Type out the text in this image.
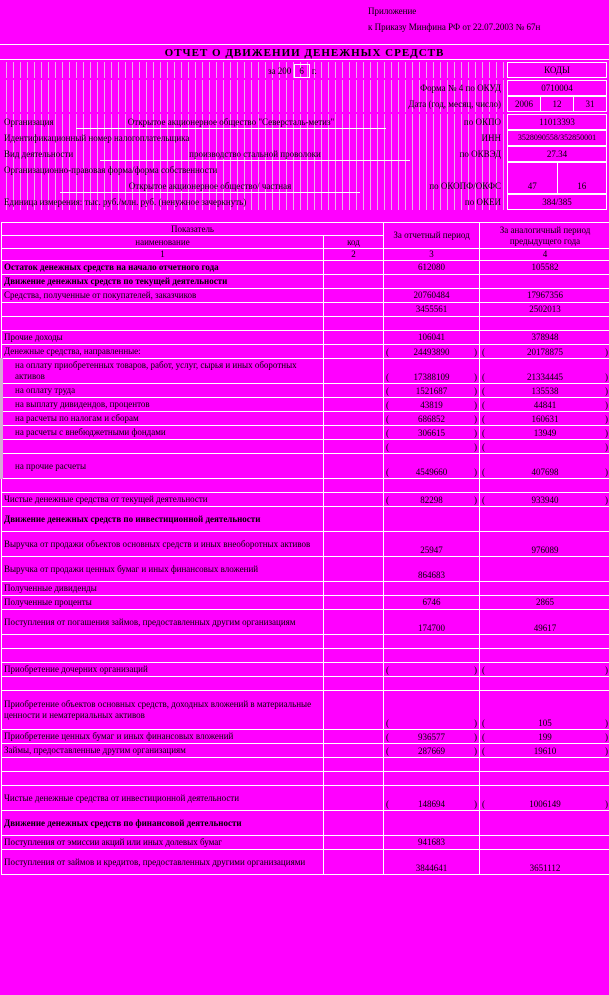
Приложение
к Приказу Минфина РФ от 22.07.2003 № 67н
ОТЧЕТ О ДВИЖЕНИИ ДЕНЕЖНЫХ СРЕДСТВ
за 200 6 г.	КОДЫ
Форма № 4 по ОКУД	0710004
Дата (год, месяц, число)	2006	12	31
Организация	Открытое акционерное общество "Северсталь-метиз"	по ОКПО	11013393
Идентификационный номер налогоплательщика	ИНН	3528090558/352850001
Вид деятельности	производство стальной проволоки	по ОКВЭД	27.34
Организационно-правовая форма/форма собственности
Открытое акционерное общество/ частная	по ОКОПФ/ОКФС	47	16
Единица измерения: тыс. руб./млн. руб. (ненужное зачеркнуть)	по ОКЕИ	384/385
Показатель		За отчетный период	За аналогичный период предыдущего года
наименование	код		
1	2	3	4
Остаток денежных средств на начало отчетного года		612080	105582
Движение денежных средств по текущей деятельности			
Средства, полученные от покупателей, заказчиков		20760484	17967356
		3455561	2502013

Прочие доходы		106041	378948
Денежные средства, направленные:		( 24493890 )	( 20178875 )

на оплату приобретенных товаров, работ, услуг, сырья и иных оборотных активов		( 17388109 )	( 21334445 )

на оплату труда		( 1521687 )	( 135538 )

на выплату дивидендов, процентов		( 43819 )	( 44841 )

на расчеты по налогам и сборам		( 686852 )	( 160631 )

на расчеты с внебюджетными фондами		( 306615 )	( 13949 )

		( )	( )

на прочие расчеты		( 4549660 )	( 407698 )

Чистые денежные средства от текущей деятельности		( 82298 )	( 933940 )

Движение денежных средств по инвестиционной деятельности			
Выручка от продажи объектов основных средств и иных внеоборотных активов		25947	976089
Выручка от продажи ценных бумаг и иных финансовых вложений		864683	
Полученные дивиденды			
Полученные проценты		6746	2865
Поступления от погашения займов, предоставленных другим организациям		174700	49617

Приобретение дочерних организаций		( )	( )

Приобретение объектов основных средств, доходных вложений в материальные ценности и нематериальных активов		( )	( 105 )

Приобретение ценных бумаг и иных финансовых вложений		( 936577 )	( 199 )

Займы, предоставленные другим организациям		( 287669 )	( 19610 )

Чистые денежные средства от инвестиционной деятельности		( 148694 )	( 1006149 )

Движение денежных средств по финансовой деятельности			
Поступления от эмиссии акций или иных долевых бумаг		941683	
Поступления от займов и кредитов, предоставленных другими организациями		3844641	3651112
